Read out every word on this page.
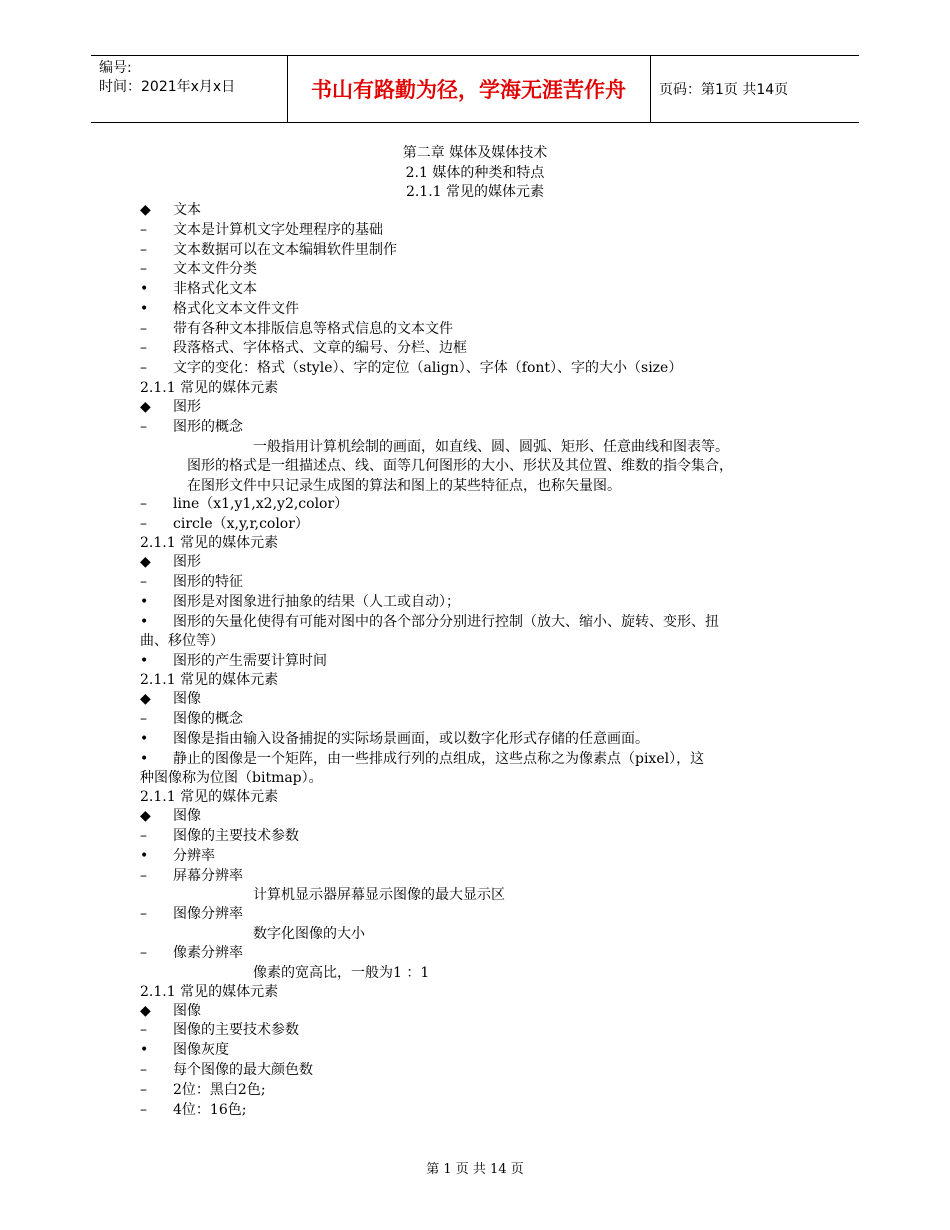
编号:
时间：2021年x月x日	书山有路勤为径，学海无涯苦作舟	页码：第1页 共14页
第二章 媒体及媒体技术
2.1 媒体的种类和特点
2.1.1 常见的媒体元素
◆ 文本
– 文本是计算机文字处理程序的基础
– 文本数据可以在文本编辑软件里制作
– 文本文件分类
• 非格式化文本
• 格式化文本文件文件
– 带有各种文本排版信息等格式信息的文本文件
– 段落格式、字体格式、文章的编号、分栏、边框
– 文字的变化：格式（style）、字的定位（align）、字体（font）、字的大小（size）
2.1.1 常见的媒体元素
◆ 图形
– 图形的概念
一般指用计算机绘制的画面，如直线、圆、圆弧、矩形、任意曲线和图表等。
图形的格式是一组描述点、线、面等几何图形的大小、形状及其位置、维数的指令集合，
在图形文件中只记录生成图的算法和图上的某些特征点，也称矢量图。
– line（x1,y1,x2,y2,color）
– circle（x,y,r,color）
2.1.1 常见的媒体元素
◆ 图形
– 图形的特征
• 图形是对图象进行抽象的结果（人工或自动）；
• 图形的矢量化使得有可能对图中的各个部分分别进行控制（放大、缩小、旋转、变形、扭
曲、移位等）
• 图形的产生需要计算时间
2.1.1 常见的媒体元素
◆ 图像
– 图像的概念
• 图像是指由输入设备捕捉的实际场景画面，或以数字化形式存储的任意画面。
• 静止的图像是一个矩阵，由一些排成行列的点组成，这些点称之为像素点（pixel），这
种图像称为位图（bitmap）。
2.1.1 常见的媒体元素
◆ 图像
– 图像的主要技术参数
• 分辨率
– 屏幕分辨率
计算机显示器屏幕显示图像的最大显示区
– 图像分辨率
数字化图像的大小
– 像素分辨率
像素的宽高比，一般为1 ：1
2.1.1 常见的媒体元素
◆ 图像
– 图像的主要技术参数
• 图像灰度
– 每个图像的最大颜色数
– 2位：黑白2色;
– 4位：16色;
第 1 页 共 14 页
